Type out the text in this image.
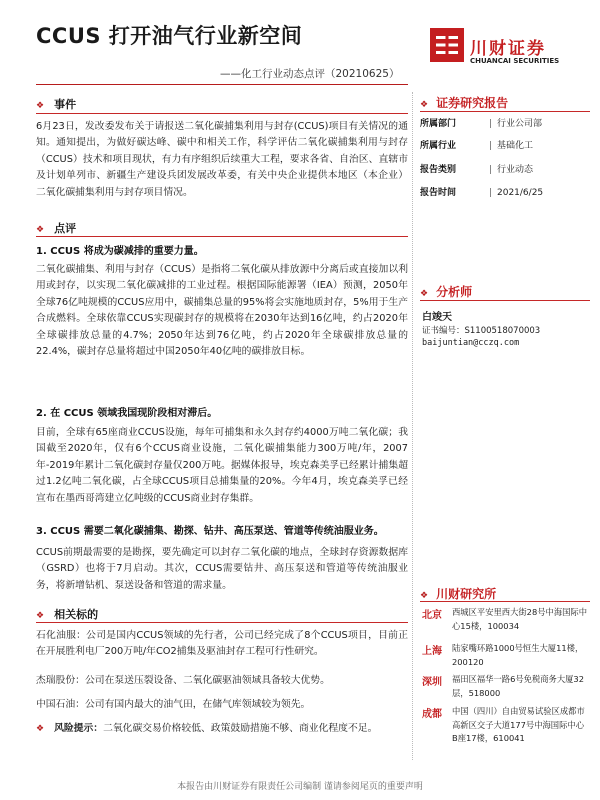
CCUS 打开油气行业新空间
——化工行业动态点评（20210625）
川财证券
CHUANCAI SECURITIES
❖ 事件
6月23日，发改委发布关于请报送二氧化碳捕集利用与封存(CCUS)项目有关情况的通知。通知提出，为做好碳达峰、碳中和相关工作，科学评估二氧化碳捕集利用与封存（CCUS）技术和项目现状，有力有序组织后续重大工程，要求各省、自治区、直辖市及计划单列市、新疆生产建设兵团发展改革委，有关中央企业提供本地区（本企业）二氧化碳捕集利用与封存项目情况。
❖ 点评
1. CCUS 将成为碳减排的重要力量。
二氧化碳捕集、利用与封存（CCUS）是指将二氧化碳从排放源中分离后或直接加以利用或封存，以实现二氧化碳减排的工业过程。根据国际能源署（IEA）预测，2050年全球76亿吨规模的CCUS应用中，碳捕集总量的95%将会实施地质封存，5%用于生产合成燃料。全球依靠CCUS实现碳封存的规模将在2030年达到16亿吨，约占2020年全球碳排放总量的4.7%；2050年达到76亿吨，约占2020年全球碳排放总量的22.4%，碳封存总量将超过中国2050年40亿吨的碳排放目标。
2. 在 CCUS 领域我国现阶段相对滞后。
目前，全球有65座商业CCUS设施，每年可捕集和永久封存约4000万吨二氧化碳；我国截至2020年，仅有6个CCUS商业设施，二氧化碳捕集能力300万吨/年，2007年-2019年累计二氧化碳封存量仅200万吨。据媒体报导，埃克森美孚已经累计捕集超过1.2亿吨二氧化碳，占全球CCUS项目总捕集量的20%。今年4月，埃克森美孚已经宣布在墨西哥湾建立亿吨级的CCUS商业封存集群。
3. CCUS 需要二氧化碳捕集、勘探、钻井、高压泵送、管道等传统油服业务。
CCUS前期最需要的是勘探，要先确定可以封存二氧化碳的地点，全球封存资源数据库（GSRD）也将于7月启动。其次，CCUS需要钻井、高压泵送和管道等传统油服业务，将新增钻机、泵送设备和管道的需求量。
❖ 相关标的
石化油服：公司是国内CCUS领域的先行者，公司已经完成了8个CCUS项目，目前正在开展胜利电厂200万吨/年CO2捕集及驱油封存工程可行性研究。
杰瑞股份：公司在泵送压裂设备、二氧化碳驱油领域具备较大优势。
中国石油：公司有国内最大的油气田，在储气库领域较为领先。
❖ 风险提示：二氧化碳交易价格较低、政策鼓励措施不够、商业化程度不足。
❖ 证券研究报告
所属部门	行业公司部
所属行业	基础化工
报告类别	行业动态
报告时间	2021/6/25
❖ 分析师
白竣天
证书编号：S1100518070003
baijuntian@cczq.com
❖ 川财研究所
北京 西城区平安里西大街28号中海国际中心15楼，100034
上海 陆家嘴环路1000号恒生大厦11楼，200120
深圳 福田区福华一路6号免税商务大厦32层，518000
成都 中国（四川）自由贸易试验区成都市高新区交子大道177号中海国际中心B座17楼，610041
本报告由川财证券有限责任公司编制 谨请参阅尾页的重要声明
